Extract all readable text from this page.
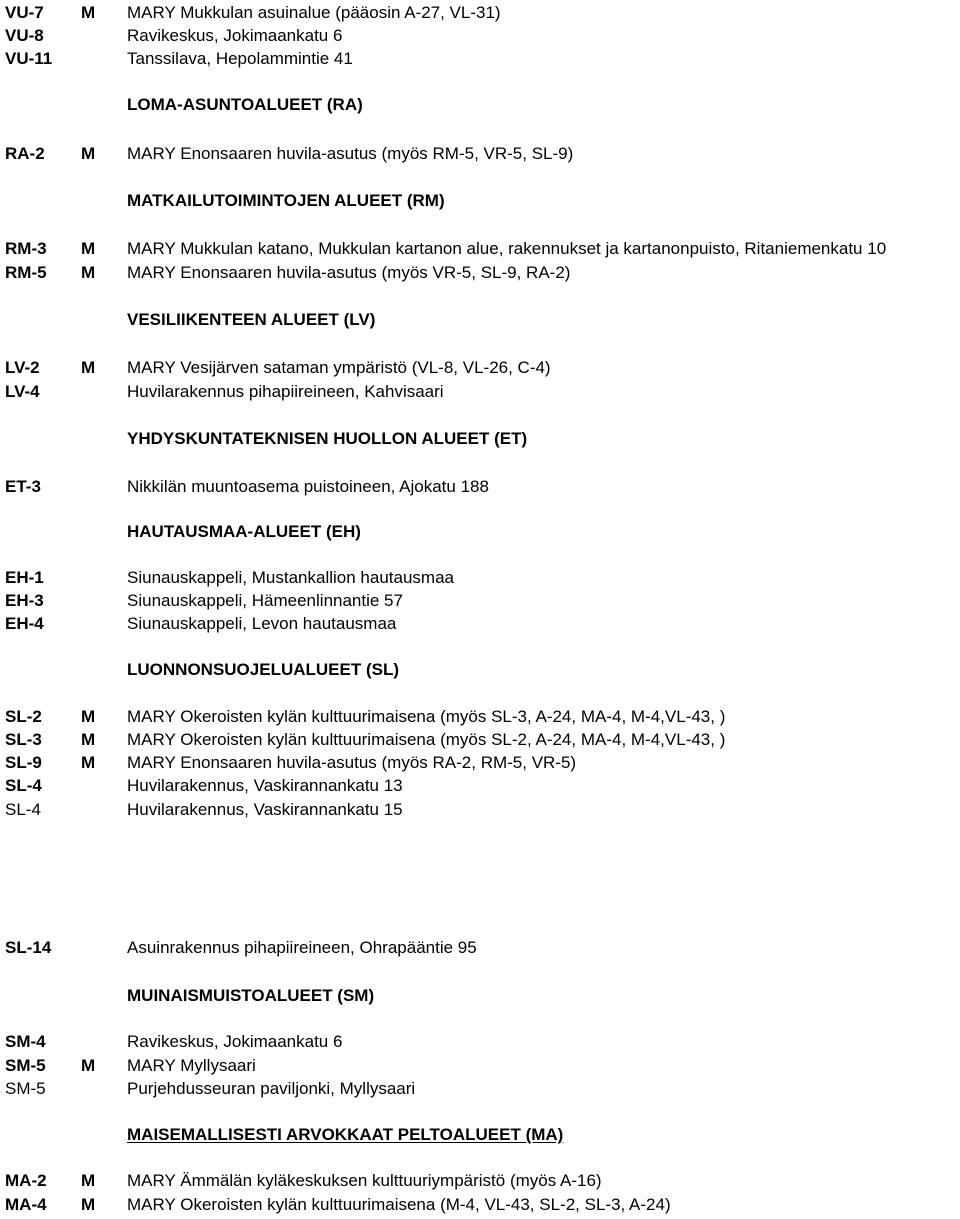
VU-7 M MARY Mukkulan asuinalue (pääosin A-27, VL-31)
VU-8	Ravikeskus, Jokimaankatu 6
VU-11	Tanssilava, Hepolammintie 41
LOMA-ASUNTOALUEET (RA)
RA-2 M MARY Enonsaaren huvila-asutus (myös RM-5, VR-5, SL-9)
MATKAILUTOIMINTOJEN ALUEET (RM)
RM-3 M MARY Mukkulan katano, Mukkulan kartanon alue, rakennukset ja kartanonpuisto, Ritaniemenkatu 10
RM-5 M MARY Enonsaaren huvila-asutus (myös VR-5, SL-9, RA-2)
VESILIIKENTEEN ALUEET (LV)
LV-2 M MARY Vesijärven sataman ympäristö (VL-8, VL-26, C-4)
LV-4	Huvilarakennus pihapiireineen, Kahvisaari
YHDYSKUNTATEKNISEN HUOLLON ALUEET (ET)
ET-3	Nikkilän muuntoasema puistoineen, Ajokatu 188
HAUTAUSMAA-ALUEET (EH)
EH-1	Siunauskappeli, Mustankallion hautausmaa
EH-3	Siunauskappeli, Hämeenlinnantie 57
EH-4	Siunauskappeli, Levon hautausmaa
LUONNONSUOJELUALUEET (SL)
SL-2 M MARY Okeroisten kylän kulttuurimaisena (myös SL-3, A-24, MA-4, M-4,VL-43, )
SL-3 M MARY Okeroisten kylän kulttuurimaisena (myös SL-2, A-24, MA-4, M-4,VL-43, )
SL-9 M MARY Enonsaaren huvila-asutus (myös RA-2, RM-5, VR-5)
SL-4	Huvilarakennus, Vaskirannankatu 13
SL-4	Huvilarakennus, Vaskirannankatu 15
SL-14	Asuinrakennus pihapiireineen, Ohrapääntie 95
MUINAISMUISTOALUEET (SM)
SM-4	Ravikeskus, Jokimaankatu 6
SM-5 M MARY Myllysaari
SM-5	Purjehdusseuran paviljonki, Myllysaari
MAISEMALLISESTI ARVOKKAAT PELTOALUEET (MA)
MA-2 M MARY Ämmälän kyläkeskuksen kulttuuriympäristö (myös A-16)
MA-4 M MARY Okeroisten kylän kulttuurimaisena (M-4, VL-43, SL-2, SL-3, A-24)
